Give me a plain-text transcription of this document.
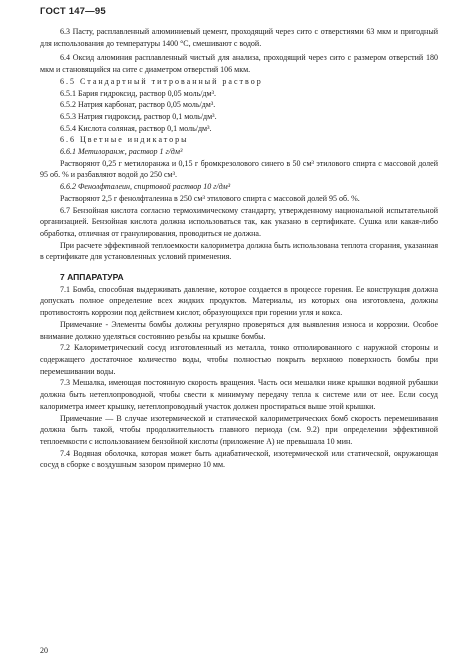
ГОСТ 147—95

6.3 Пасту, расплавленный алюминиевый цемент, проходящий через сито с отверстиями 63 мкм и пригодный для использования до температуры 1400 °С, смешивают с водой.

6.4 Оксид алюминия расплавленный чистый для анализа, проходящий через сито с размером отверстий 180 мкм и становящийся на сите с диаметром отверстий 106 мкм.

6.5 Стандартный титрованный раствор

6.5.1 Бария гидроксид, раствор 0,05 моль/дм³.

6.5.2 Натрия карбонат, раствор 0,05 моль/дм³.

6.5.3 Натрия гидроксид, раствор 0,1 моль/дм³.

6.5.4 Кислота соляная, раствор 0,1 моль/дм³.

6.6 Цветные индикаторы

6.6.1 Метилоранж, раствор 1 г/дм³

Растворяют 0,25 г метилоранжа и 0,15 г бромкрезолового синего в 50 см³ этилового спирта с массовой долей 95 об. % и разбавляют водой до 250 см³.

6.6.2 Фенолфталеин, спиртовой раствор 10 г/дм³

Растворяют 2,5 г фенолфталеина в 250 см³ этилового спирта с массовой долей 95 об. %.

6.7 Бензойная кислота согласно термохимическому стандарту, утвержденному национальной испытательной организацией. Бензойная кислота должна использоваться так, как указано в сертификате. Сушка или какая-либо обработка, отличная от гранулирования, проводиться не должна.

При расчете эффективной теплоемкости калориметра должна быть использована теплота сгорания, указанная в сертификате для установленных условий применения.

7 АППАРАТУРА

7.1 Бомба, способная выдерживать давление, которое создается в процессе горения. Ее конструкция должна допускать полное определение всех жидких продуктов. Материалы, из которых она изготовлена, должны противостоять коррозии под действием кислот, образующихся при горении угля и кокса.

Примечание - Элементы бомбы должны регулярно проверяться для выявления износа и коррозии. Особое внимание должно уделяться состоянию резьбы на крышке бомбы.

7.2 Калориметрический сосуд изготовленный из металла, тонко отполированного с наружной стороны и содержащего достаточное количество воды, чтобы полностью покрыть верхнюю поверхность бомбы при перемешивании воды.

7.3 Мешалка, имеющая постоянную скорость вращения. Часть оси мешалки ниже крышки водяной рубашки должна быть нетеплопроводной, чтобы свести к минимуму передачу тепла к системе или от нее. Если сосуд калориметра имеет крышку, нетеплопроводный участок должен простираться выше этой крышки.

Примечание — В случае изотермической и статической калориметрических бомб скорость перемешивания должна быть такой, чтобы продолжительность главного периода (см. 9.2) при определении эффективной теплоемкости с использованием бензойной кислоты (приложение А) не превышала 10 мин.

7.4 Водяная оболочка, которая может быть адиабатической, изотермической или статической, окружающая сосуд в сборке с воздушным зазором примерно 10 мм.

20
